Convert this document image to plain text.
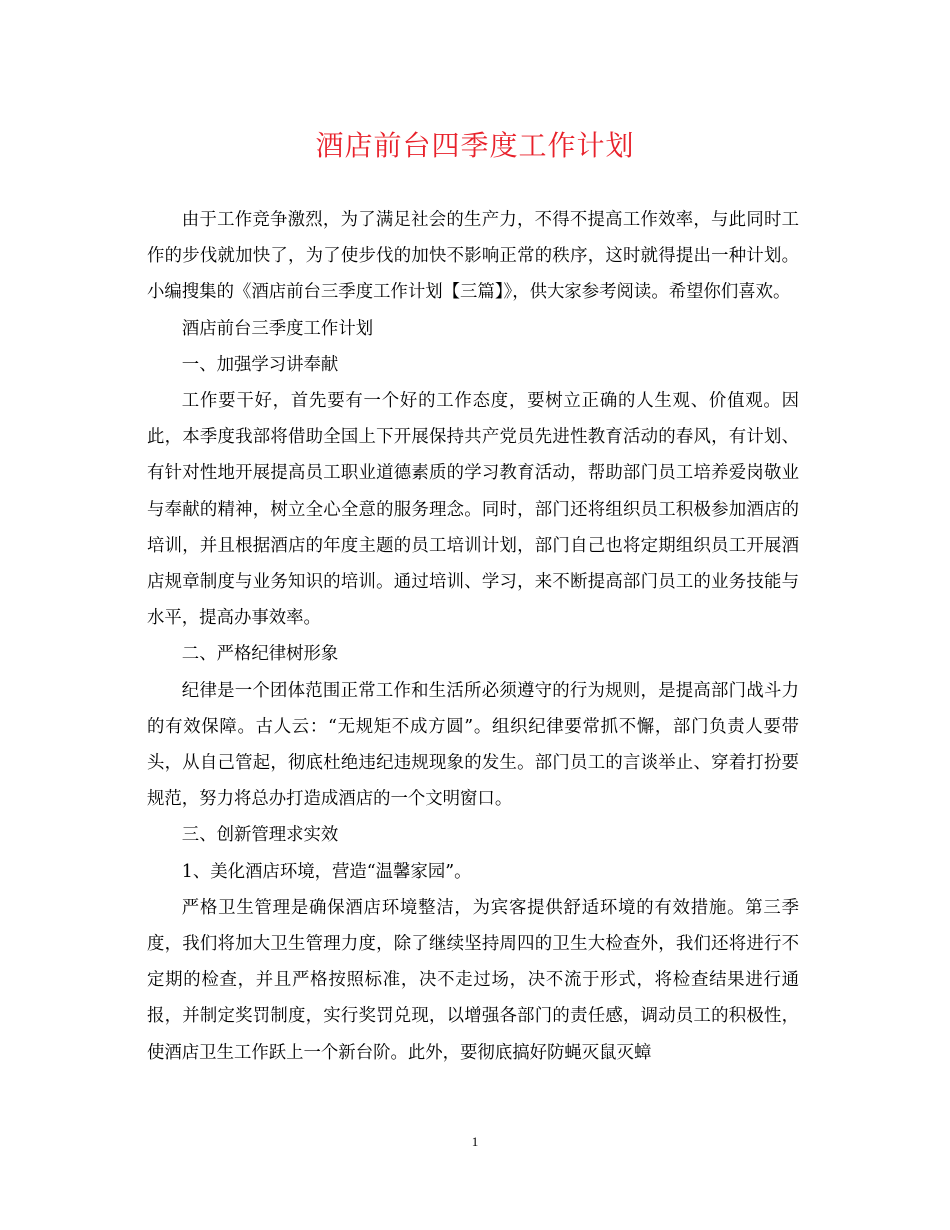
酒店前台四季度工作计划

由于工作竞争激烈，为了满足社会的生产力，不得不提高工作效率，与此同时工作的步伐就加快了，为了使步伐的加快不影响正常的秩序，这时就得提出一种计划。小编搜集的《酒店前台三季度工作计划【三篇】》，供大家参考阅读。希望你们喜欢。

酒店前台三季度工作计划

一、加强学习讲奉献

工作要干好，首先要有一个好的工作态度，要树立正确的人生观、价值观。因此，本季度我部将借助全国上下开展保持共产党员先进性教育活动的春风，有计划、有针对性地开展提高员工职业道德素质的学习教育活动，帮助部门员工培养爱岗敬业与奉献的精神，树立全心全意的服务理念。同时，部门还将组织员工积极参加酒店的培训，并且根据酒店的年度主题的员工培训计划，部门自己也将定期组织员工开展酒店规章制度与业务知识的培训。通过培训、学习，来不断提高部门员工的业务技能与水平，提高办事效率。

二、严格纪律树形象

纪律是一个团体范围正常工作和生活所必须遵守的行为规则，是提高部门战斗力的有效保障。古人云：“无规矩不成方圆”。组织纪律要常抓不懈，部门负责人要带头，从自己管起，彻底杜绝违纪违规现象的发生。部门员工的言谈举止、穿着打扮要规范，努力将总办打造成酒店的一个文明窗口。

三、创新管理求实效

1、美化酒店环境，营造“温馨家园”。

严格卫生管理是确保酒店环境整洁，为宾客提供舒适环境的有效措施。第三季度，我们将加大卫生管理力度，除了继续坚持周四的卫生大检查外，我们还将进行不定期的检查，并且严格按照标准，决不走过场，决不流于形式，将检查结果进行通报，并制定奖罚制度，实行奖罚兑现，以增强各部门的责任感，调动员工的积极性，使酒店卫生工作跃上一个新台阶。此外，要彻底搞好防蝇灭鼠灭蟑

1
